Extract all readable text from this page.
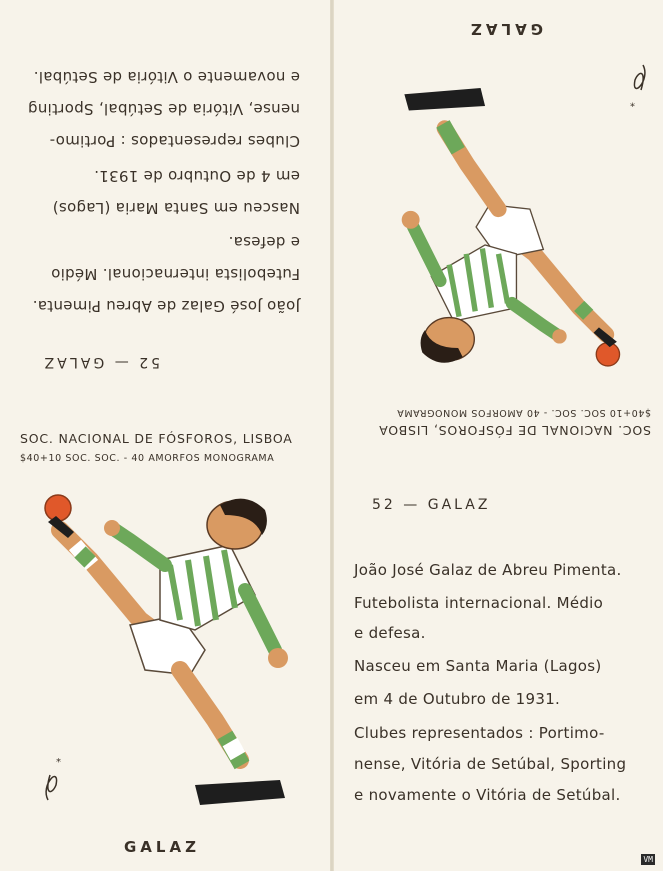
52 — GALAZ

João José Galaz de Abreu Pimenta.

Futebolista internacional. Médio

e defesa.

Nasceu em Santa Maria (Lagos)

em 4 de Outubro de 1931.

Clubes representados : Portimo-

nense, Vitória de Setúbal, Sporting

e novamente o Vitória de Setúbal.

SOC. NACIONAL DE FÓSFOROS, LISBOA

$40+10 SOC. SOC. - 40 AMORFOS MONOGRAMA

*

GALAZ

GALAZ

SOC. NACIONAL DE FÓSFOROS, LISBOA

$40+10 SOC. SOC. - 40 AMORFOS MONOGRAMA

*

52 — GALAZ

João José Galaz de Abreu Pimenta.

Futebolista internacional. Médio

e defesa.

Nasceu em Santa Maria (Lagos)

em 4 de Outubro de 1931.

Clubes representados : Portimo-

nense, Vitória de Setúbal, Sporting

e novamente o Vitória de Setúbal.

VM
